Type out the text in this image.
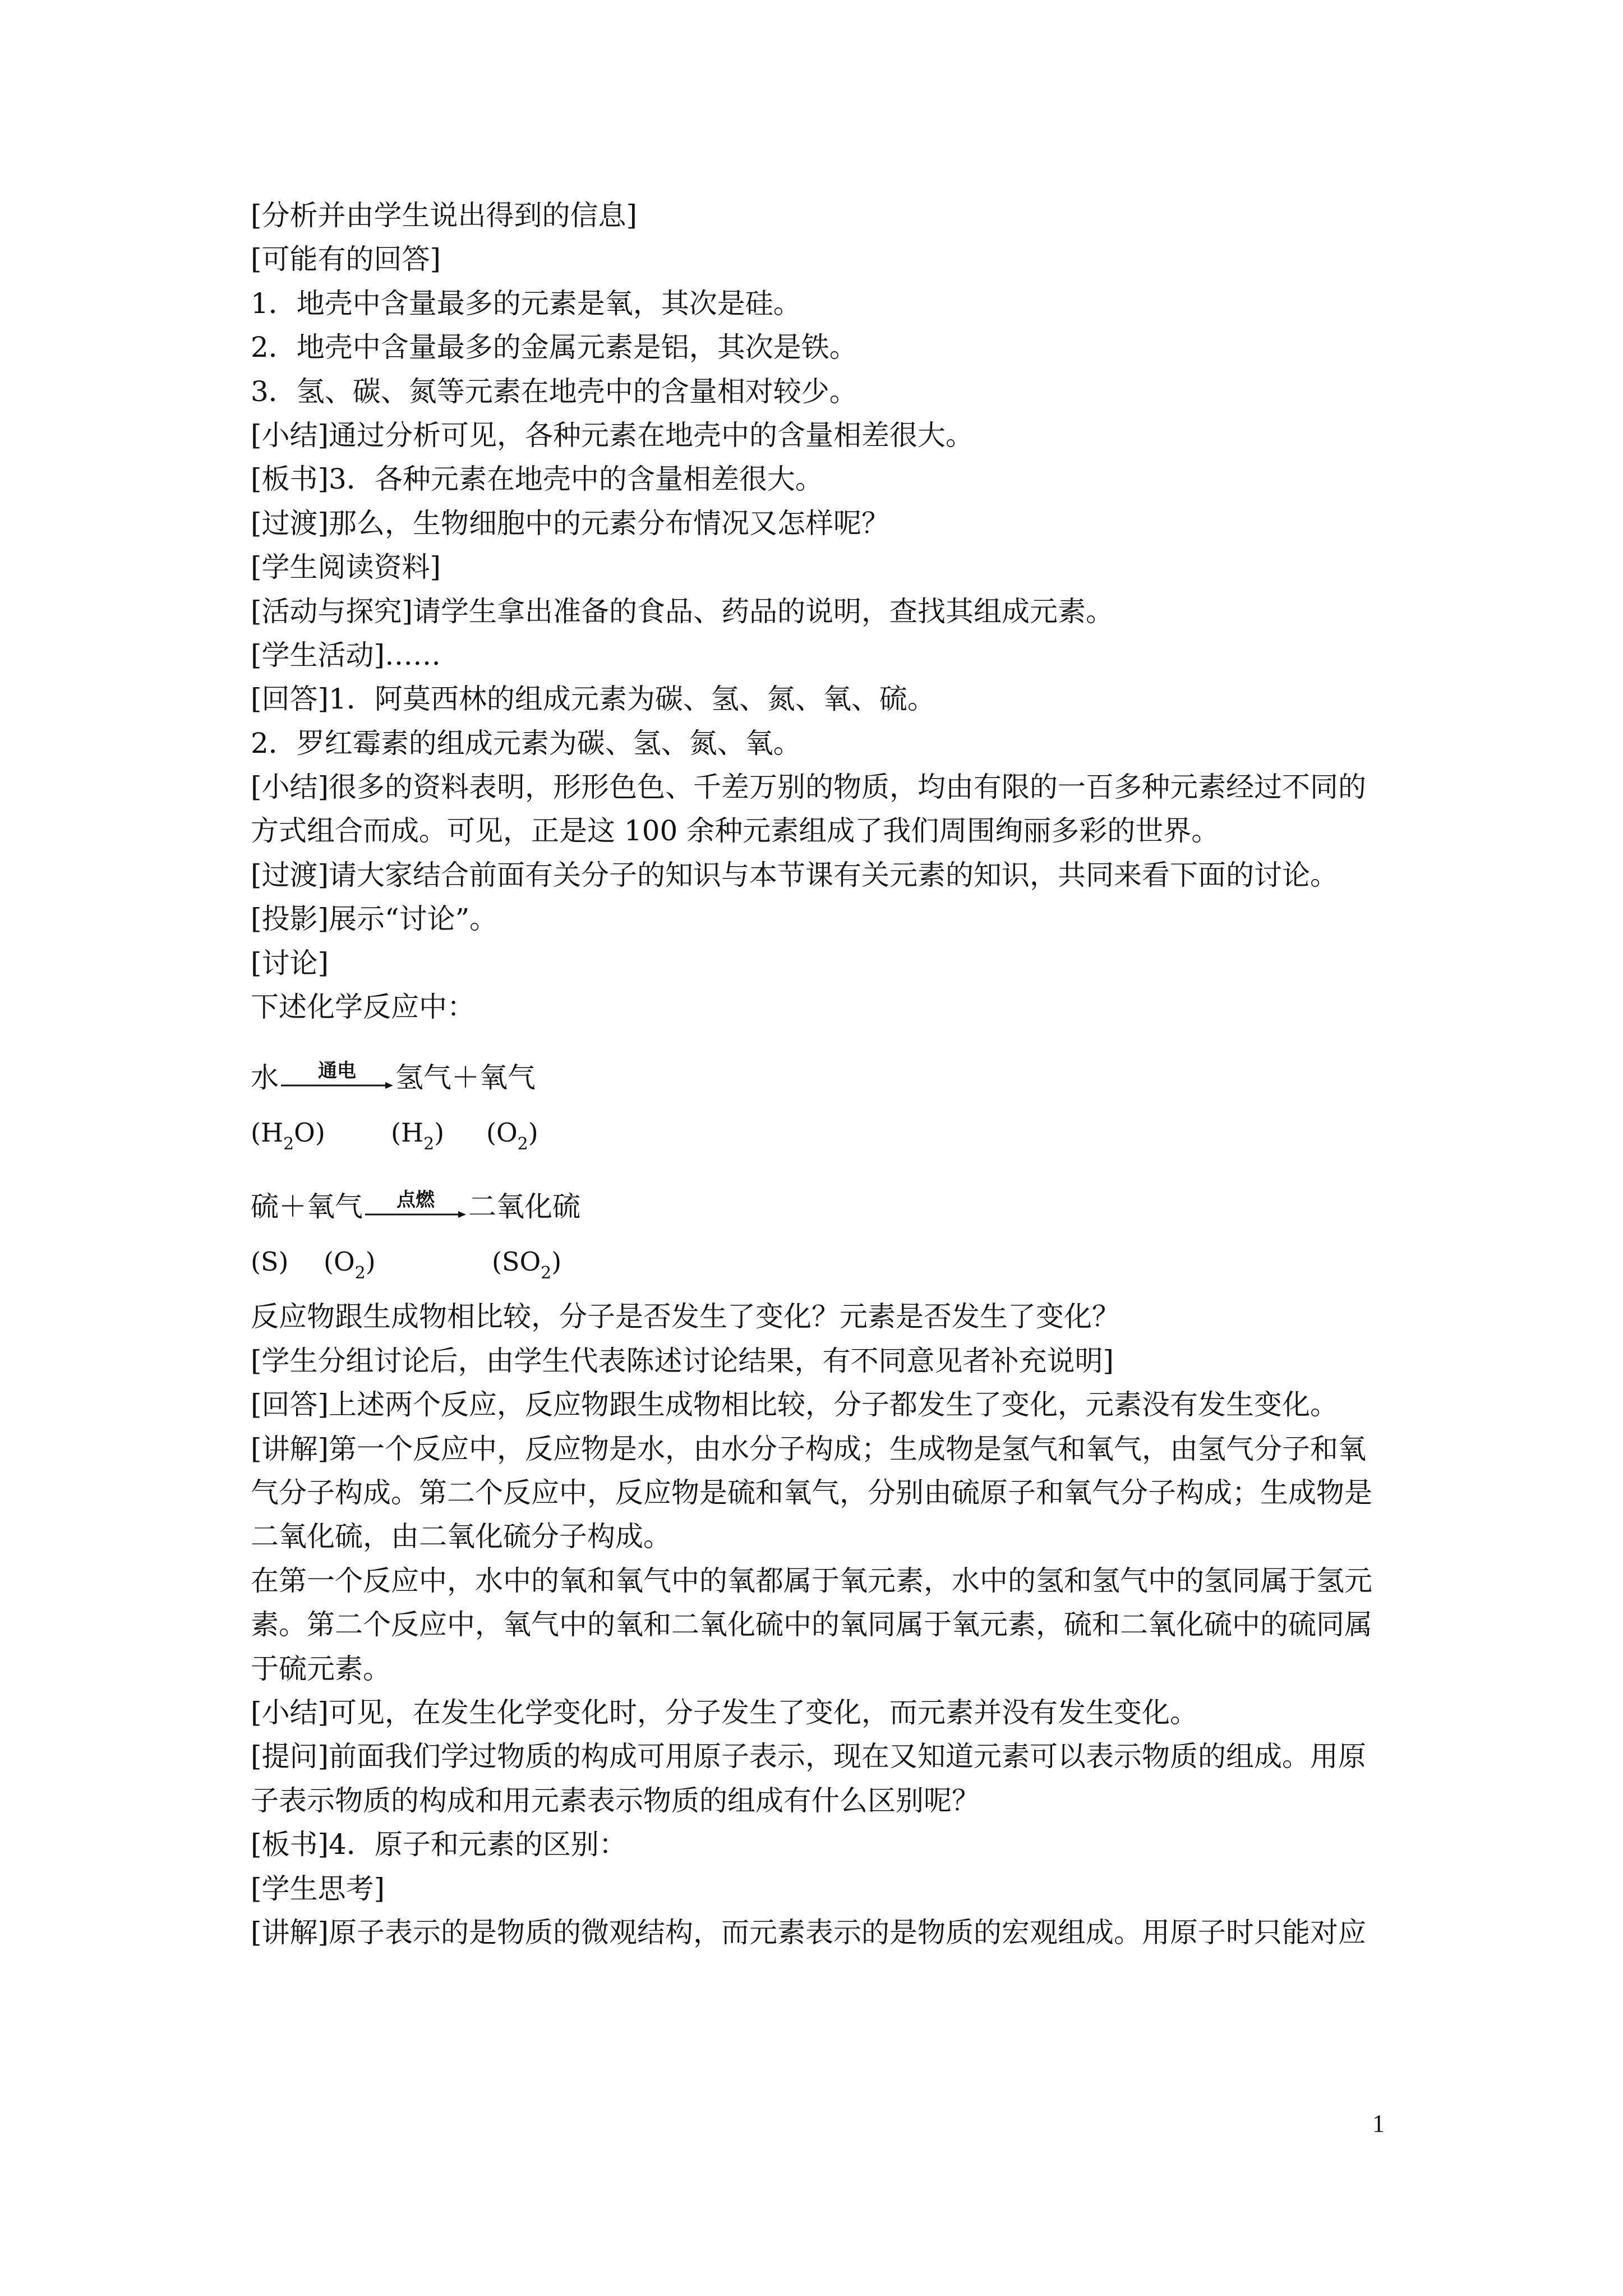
[分析并由学生说出得到的信息]
[可能有的回答]
1．地壳中含量最多的元素是氧，其次是硅。
2．地壳中含量最多的金属元素是铝，其次是铁。
3．氢、碳、氮等元素在地壳中的含量相对较少。
[小结]通过分析可见，各种元素在地壳中的含量相差很大。
[板书]3．各种元素在地壳中的含量相差很大。
[过渡]那么，生物细胞中的元素分布情况又怎样呢？
[学生阅读资料]
[活动与探究]请学生拿出准备的食品、药品的说明，查找其组成元素。
[学生活动]……
[回答]1．阿莫西林的组成元素为碳、氢、氮、氧、硫。
2．罗红霉素的组成元素为碳、氢、氮、氧。
[小结]很多的资料表明，形形色色、千差万别的物质，均由有限的一百多种元素经过不同的
方式组合而成。可见，正是这 100 余种元素组成了我们周围绚丽多彩的世界。
[过渡]请大家结合前面有关分子的知识与本节课有关元素的知识，共同来看下面的讨论。
[投影]展示“讨论”。
[讨论]
下述化学反应中：
水 通电 氢气＋氧气
$(H_2O)$	$(H_2)$ $(O_2)$
硫＋氧气 点燃 二氧化硫
(S) $(O_2)$	$(SO_2)$
反应物跟生成物相比较，分子是否发生了变化？元素是否发生了变化？
[学生分组讨论后，由学生代表陈述讨论结果，有不同意见者补充说明]
[回答]上述两个反应，反应物跟生成物相比较，分子都发生了变化，元素没有发生变化。
[讲解]第一个反应中，反应物是水，由水分子构成；生成物是氢气和氧气，由氢气分子和氧
气分子构成。第二个反应中，反应物是硫和氧气，分别由硫原子和氧气分子构成；生成物是
二氧化硫，由二氧化硫分子构成。
在第一个反应中，水中的氧和氧气中的氧都属于氧元素，水中的氢和氢气中的氢同属于氢元
素。第二个反应中，氧气中的氧和二氧化硫中的氧同属于氧元素，硫和二氧化硫中的硫同属
于硫元素。
[小结]可见，在发生化学变化时，分子发生了变化，而元素并没有发生变化。
[提问]前面我们学过物质的构成可用原子表示，现在又知道元素可以表示物质的组成。用原
子表示物质的构成和用元素表示物质的组成有什么区别呢？
[板书]4．原子和元素的区别：
[学生思考]
[讲解]原子表示的是物质的微观结构，而元素表示的是物质的宏观组成。用原子时只能对应
1
